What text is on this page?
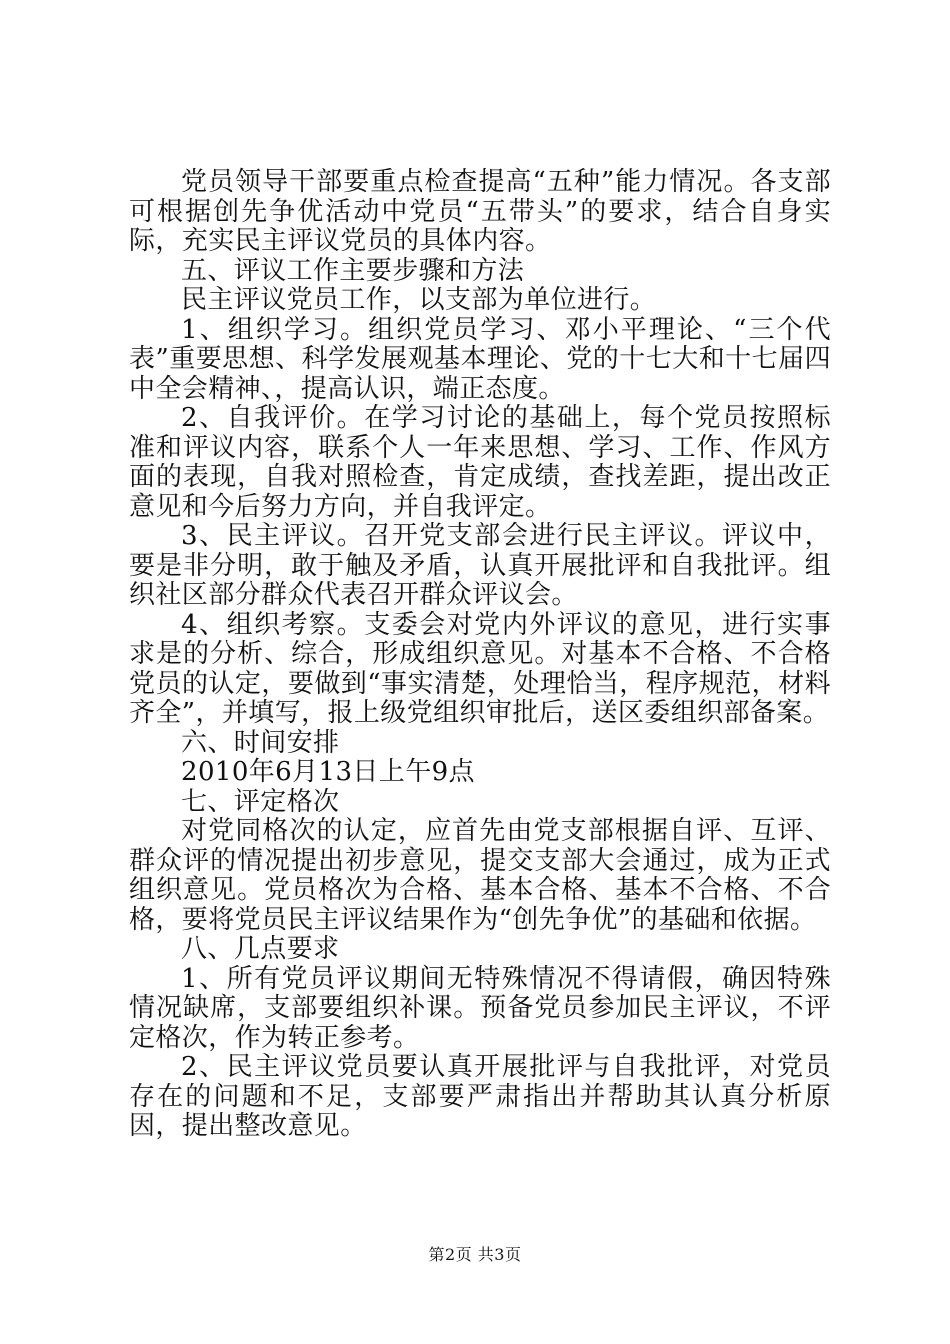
党员领导干部要重点检查提高“五种”能力情况。各支部可根据创先争优活动中党员“五带头”的要求，结合自身实际，充实民主评议党员的具体内容。

五、评议工作主要步骤和方法

民主评议党员工作，以支部为单位进行。

1、组织学习。组织党员学习、邓小平理论、“三个代表”重要思想、科学发展观基本理论、党的十七大和十七届四中全会精神、，提高认识，端正态度。

2、自我评价。在学习讨论的基础上，每个党员按照标准和评议内容，联系个人一年来思想、学习、工作、作风方面的表现，自我对照检查，肯定成绩，查找差距，提出改正意见和今后努力方向，并自我评定。

3、民主评议。召开党支部会进行民主评议。评议中，要是非分明，敢于触及矛盾，认真开展批评和自我批评。组织社区部分群众代表召开群众评议会。

4、组织考察。支委会对党内外评议的意见，进行实事求是的分析、综合，形成组织意见。对基本不合格、不合格党员的认定，要做到“事实清楚，处理恰当，程序规范，材料齐全”，并填写，报上级党组织审批后，送区委组织部备案。

六、时间安排

2010年6月13日上午9点

七、评定格次

对党同格次的认定，应首先由党支部根据自评、互评、群众评的情况提出初步意见，提交支部大会通过，成为正式组织意见。党员格次为合格、基本合格、基本不合格、不合格，要将党员民主评议结果作为“创先争优”的基础和依据。

八、几点要求

1、所有党员评议期间无特殊情况不得请假，确因特殊情况缺席，支部要组织补课。预备党员参加民主评议，不评定格次，作为转正参考。

2、民主评议党员要认真开展批评与自我批评，对党员存在的问题和不足，支部要严肃指出并帮助其认真分析原因，提出整改意见。

第2页 共3页
